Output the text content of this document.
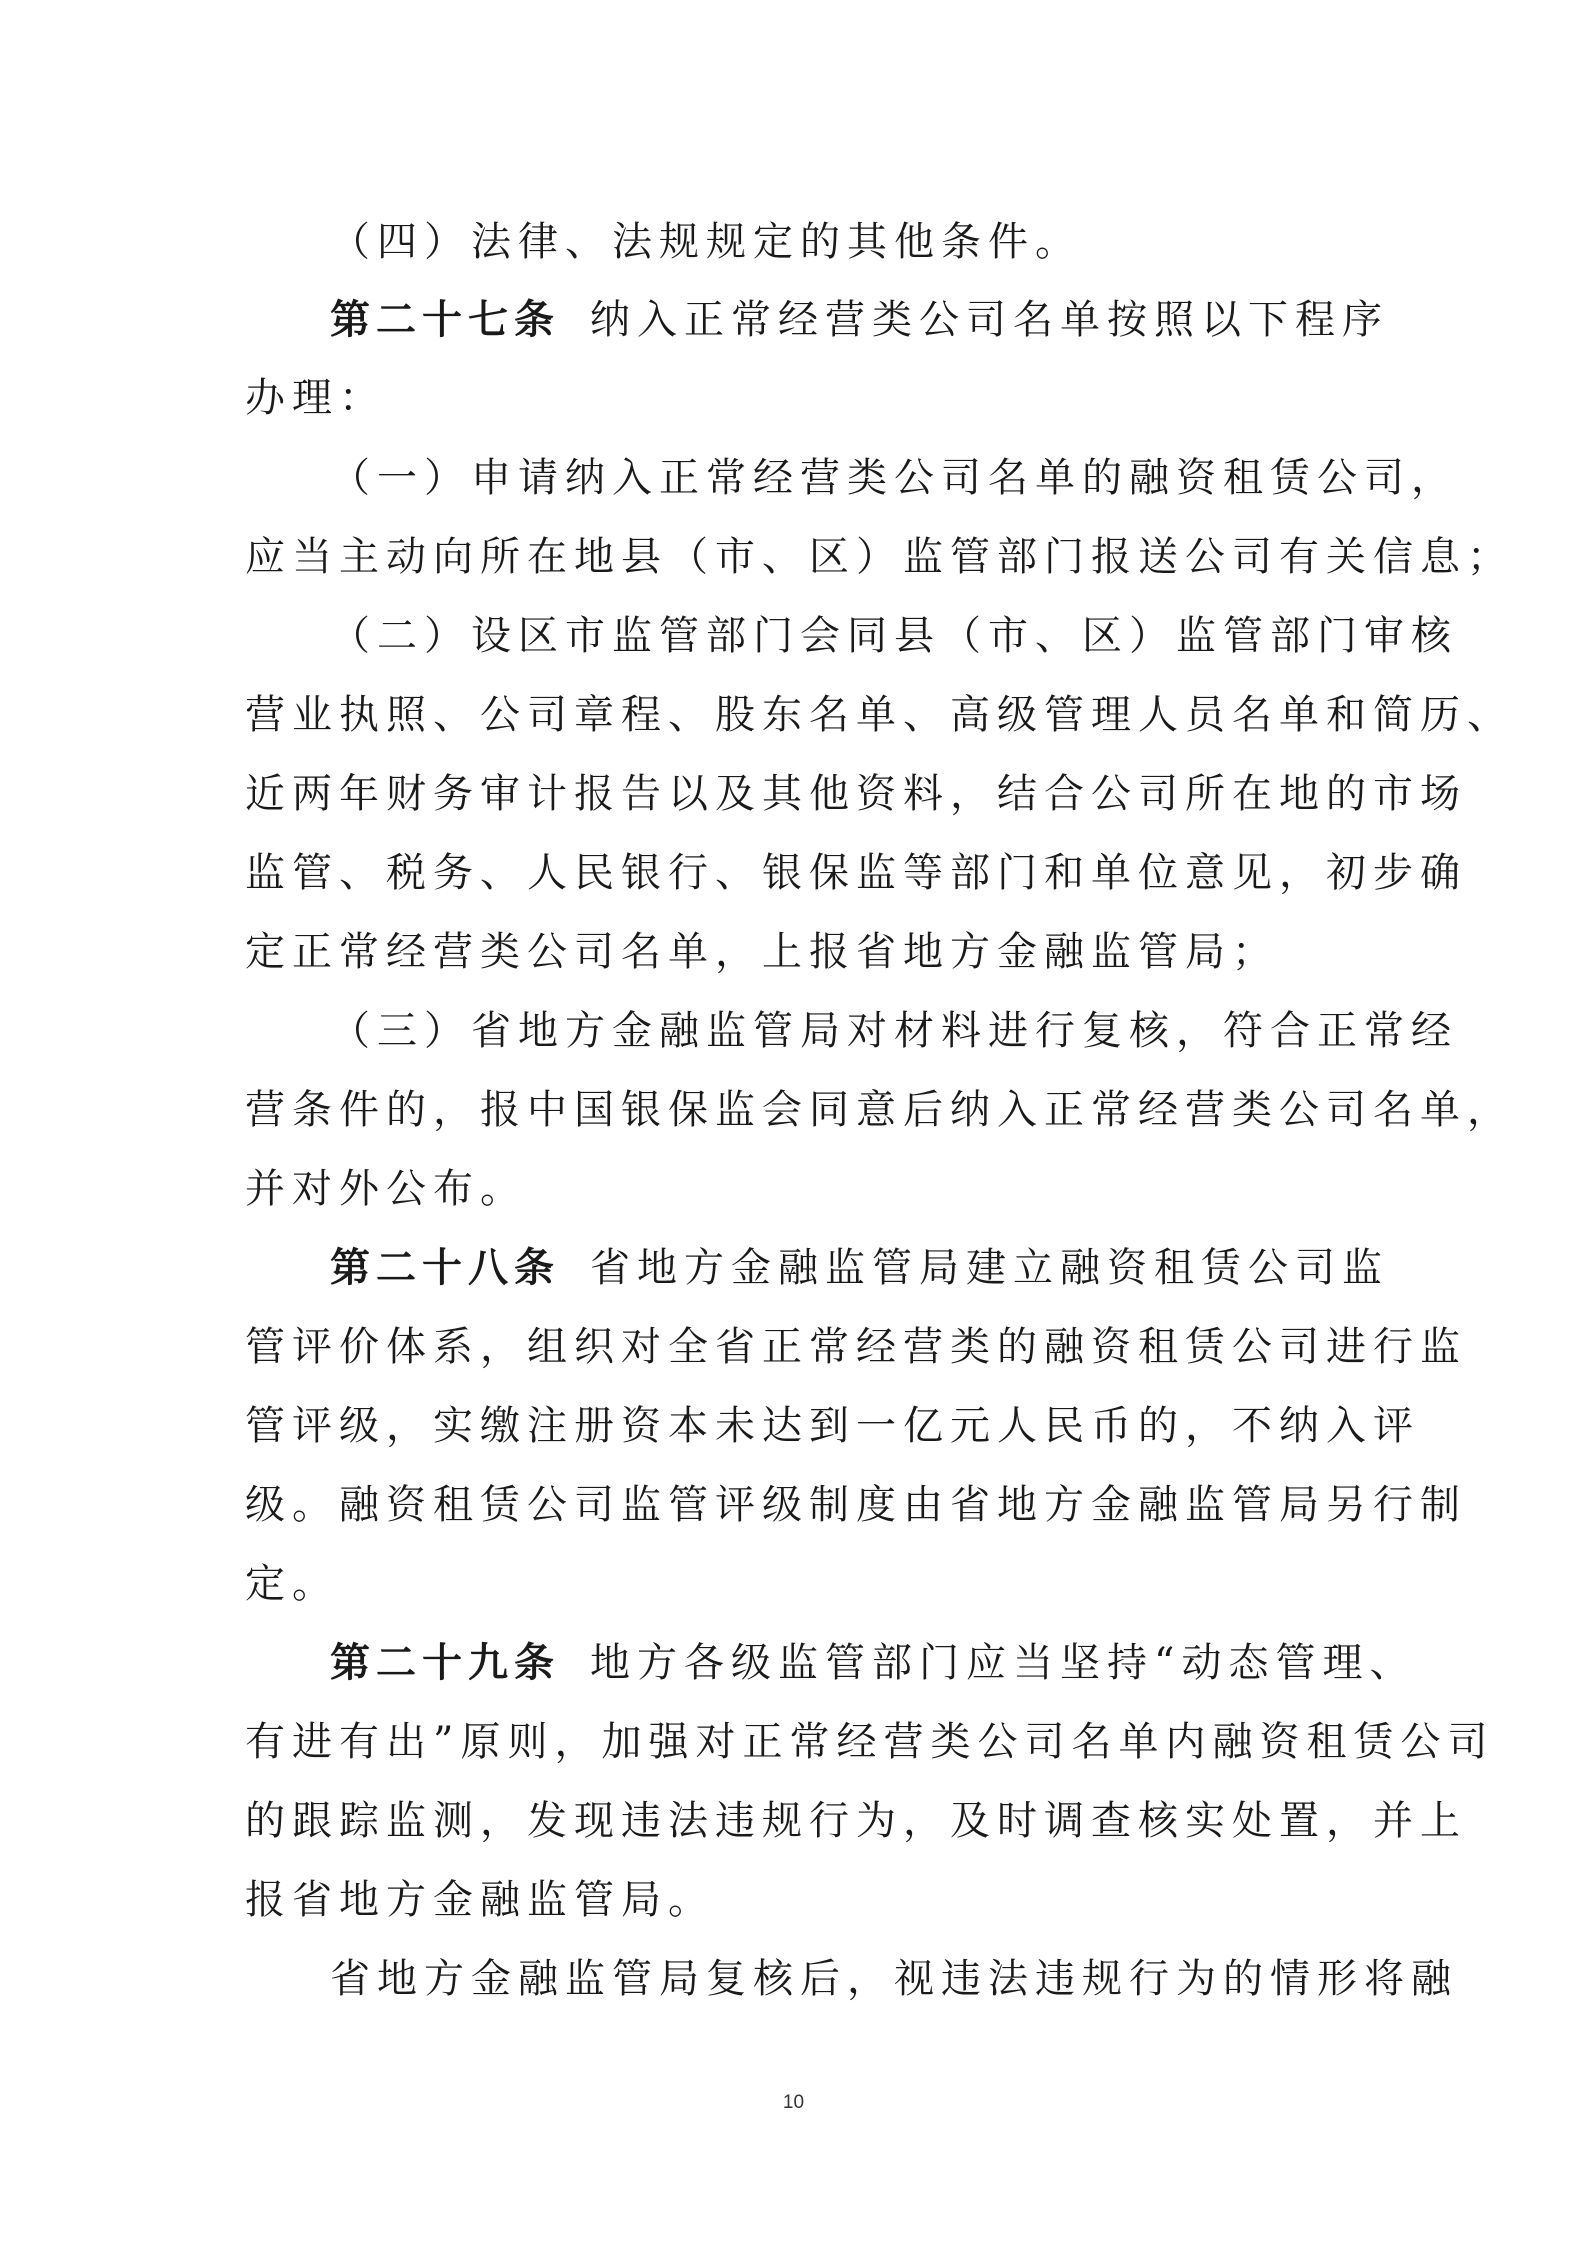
（四）法律、法规规定的其他条件。
第二十七条 纳入正常经营类公司名单按照以下程序
办理：
（一）申请纳入正常经营类公司名单的融资租赁公司，
应当主动向所在地县（市、区）监管部门报送公司有关信息；
（二）设区市监管部门会同县（市、区）监管部门审核
营业执照、公司章程、股东名单、高级管理人员名单和简历、
近两年财务审计报告以及其他资料，结合公司所在地的市场
监管、税务、人民银行、银保监等部门和单位意见，初步确
定正常经营类公司名单，上报省地方金融监管局；
（三）省地方金融监管局对材料进行复核，符合正常经
营条件的，报中国银保监会同意后纳入正常经营类公司名单，
并对外公布。
第二十八条 省地方金融监管局建立融资租赁公司监
管评价体系，组织对全省正常经营类的融资租赁公司进行监
管评级，实缴注册资本未达到一亿元人民币的，不纳入评
级。融资租赁公司监管评级制度由省地方金融监管局另行制
定。
第二十九条 地方各级监管部门应当坚持“动态管理、
有进有出”原则，加强对正常经营类公司名单内融资租赁公司
的跟踪监测，发现违法违规行为，及时调查核实处置，并上
报省地方金融监管局。
省地方金融监管局复核后，视违法违规行为的情形将融
10
